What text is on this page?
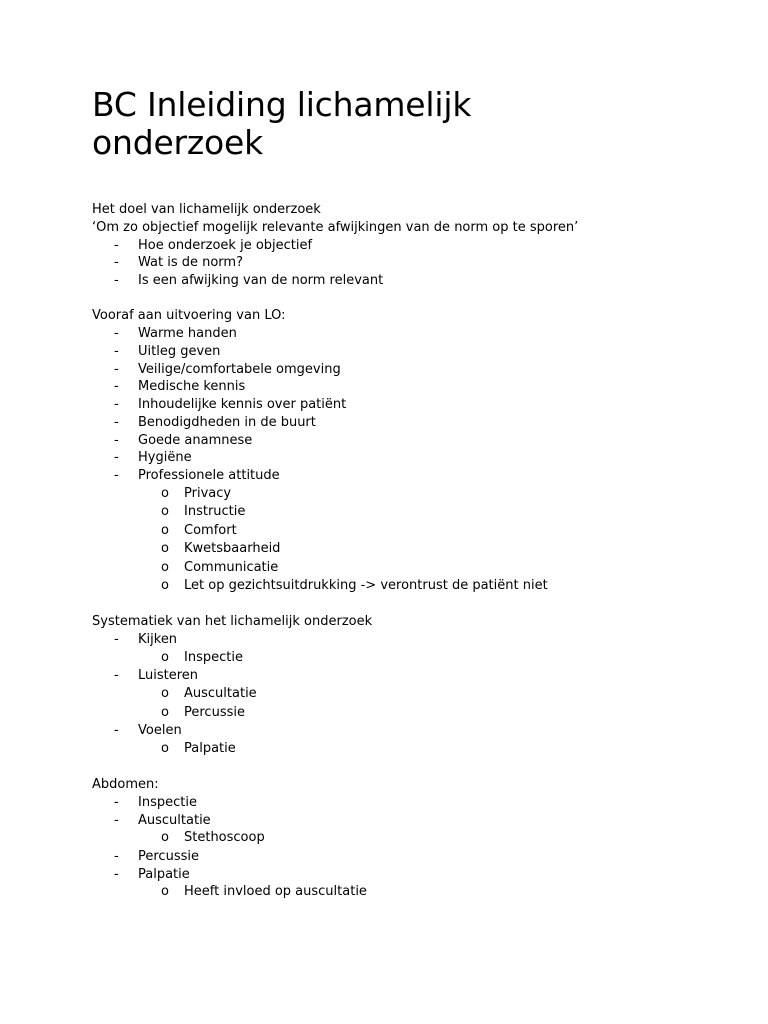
BC Inleiding lichamelijk
onderzoek
Het doel van lichamelijk onderzoek
‘Om zo objectief mogelijk relevante afwijkingen van de norm op te sporen’
- Hoe onderzoek je objectief
- Wat is de norm?
- Is een afwijking van de norm relevant
Vooraf aan uitvoering van LO:
- Warme handen
- Uitleg geven
- Veilige/comfortabele omgeving
- Medische kennis
- Inhoudelijke kennis over patiënt
- Benodigdheden in de buurt
- Goede anamnese
- Hygiëne
- Professionele attitude
o Privacy
o Instructie
o Comfort
o Kwetsbaarheid
o Communicatie
o Let op gezichtsuitdrukking -> verontrust de patiënt niet
Systematiek van het lichamelijk onderzoek
- Kijken
o Inspectie
- Luisteren
o Auscultatie
o Percussie
- Voelen
o Palpatie
Abdomen:
- Inspectie
- Auscultatie
o Stethoscoop
- Percussie
- Palpatie
o Heeft invloed op auscultatie
